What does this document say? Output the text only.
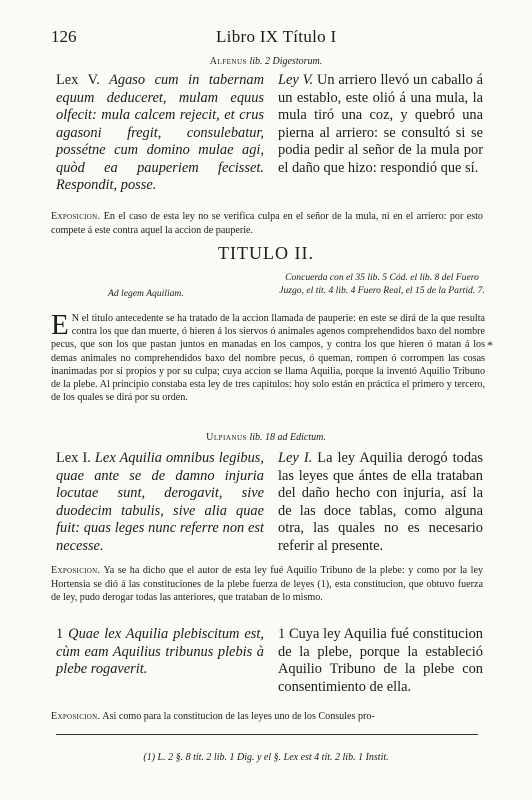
126	Libro IX Título I
Alfenus lib. 2 Digestorum.
Lex V. Agaso cum in tabernam equum deduceret, mulam equus olfecit: mula calcem rejecit, et crus agasoni fregit, consulebatur, possétne cum domino mulae agi, quòd ea pauperiem fecisset. Respondit, posse.
Ley V. Un arriero llevó un caballo á un establo, este olió á una mula, la mula tiró una coz, y quebró una pierna al arriero: se consultó si se podia pedir al señor de la mula por el daño que hizo: respondió que sí.
Exposicion. En el caso de esta ley no se verifica culpa en el señor de la mula, ni en el arriero: por esto compete á este contra aquel la accion de pauperie.
TITULO II.
Concuerda con el 35 lib. 5 Cód. el lib. 8 del Fuero Juzgo, el tit. 4 lib. 4 Fuero Real, el 15 de la Partid. 7.
Ad legem Aquiliam.
E N el titulo antecedente se ha tratado de la accion llamada de pauperie: en este se dirá de la que resulta contra los que dan muerte, ó hieren á los siervos ó animales agenos comprehendidos baxo del nombre pecus, que son los que pastan juntos en manadas en los campos, y contra los que hieren ó matan á los demas animales no comprehendidos baxo del nombre pecus, ó queman, rompen ó corrompen las cosas inanimadas por sí propios y por su culpa; cuya accion se llama Aquilia, porque la inventó Aquilio Tribuno de la plebe. Al principio constaba esta ley de tres capitulos: hoy solo están en práctica el primero y tercero, de los quales se dirá por su orden.
*
Ulpianus lib. 18 ad Edictum.
Lex I. Lex Aquilia omnibus legibus, quae ante se de damno injuria locutae sunt, derogavit, sive duodecim tabulis, sive alia quae fuit: quas leges nunc referre non est necesse.
Ley I. La ley Aquilia derogó todas las leyes que ántes de ella trataban del daño hecho con injuria, así la de las doce tablas, como alguna otra, las quales no es necesario referir al presente.
Exposicion. Ya se ha dicho que el autor de esta ley fué Aquilio Tribuno de la plebe: y como por la ley Hortensia se dió á las constituciones de la plebe fuerza de leyes (1), esta constitucion, que obtuvo fuerza de ley, pudo derogar todas las anteriores, que trataban de lo mismo.
1 Quae lex Aquilia plebiscitum est, cùm eam Aquilius tribunus plebis à plebe rogaverit.
1 Cuya ley Aquilia fué constitucion de la plebe, porque la estableció Aquilio Tribuno de la plebe con consentimiento de ella.
Exposicion. Asi como para la constitucion de las leyes uno de los Consules pro-
(1) L. 2 §. 8 tit. 2 lib. 1 Dig. y el §. Lex est 4 tit. 2 lib. 1 Instit.
